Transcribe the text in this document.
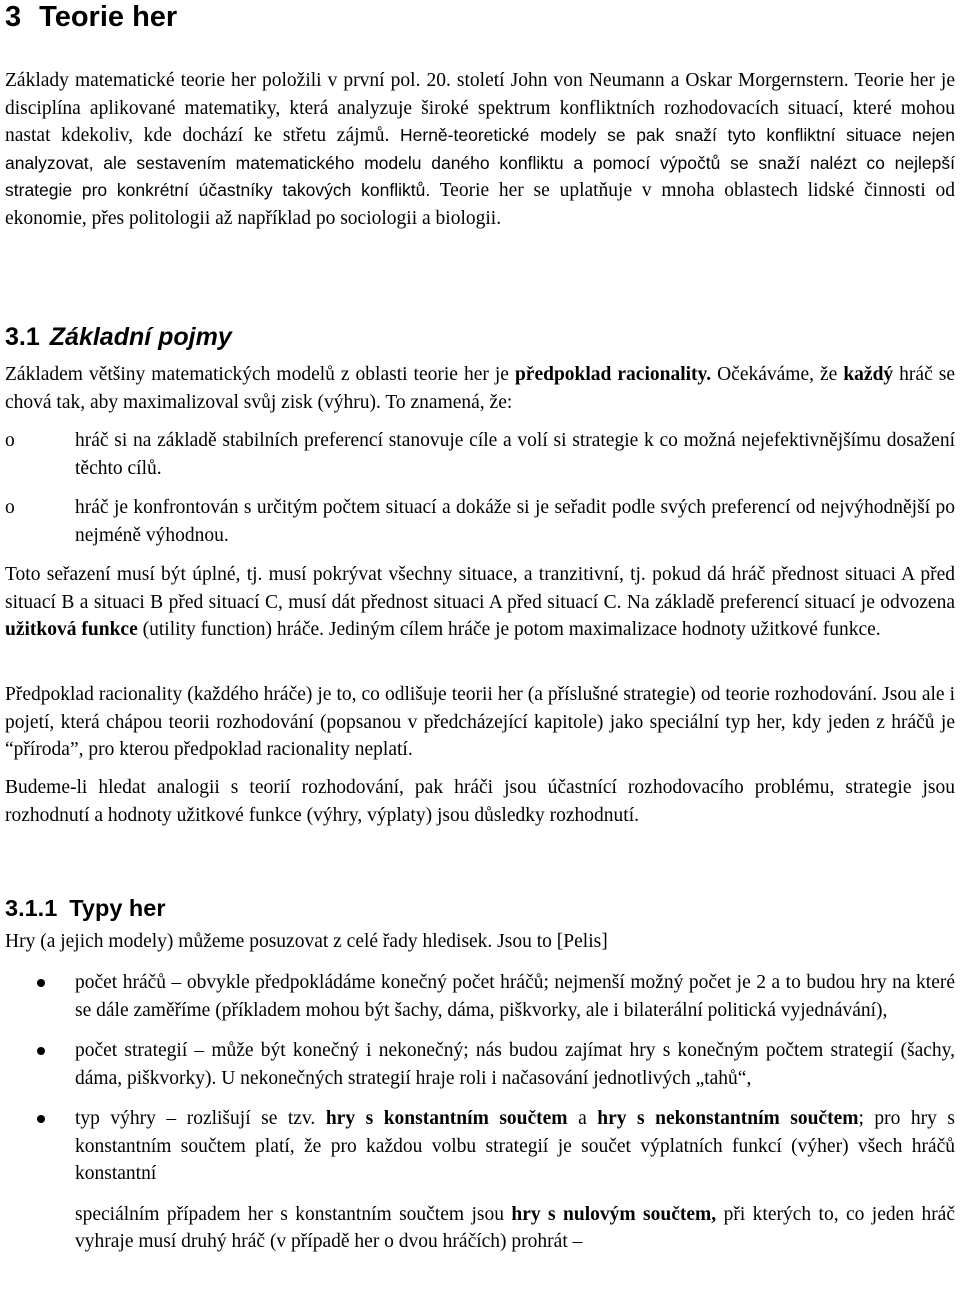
3 Teorie her

Základy matematické teorie her položili v první pol. 20. století John von Neumann a Oskar Morgernstern. Teorie her je disciplína aplikované matematiky, která analyzuje široké spektrum konfliktních rozhodovacích situací, které mohou nastat kdekoliv, kde dochází ke střetu zájmů. Herně-teoretické modely se pak snaží tyto konfliktní situace nejen analyzovat, ale sestavením matematického modelu daného konfliktu a pomocí výpočtů se snaží nalézt co nejlepší strategie pro konkrétní účastníky takových konfliktů. Teorie her se uplatňuje v mnoha oblastech lidské činnosti od ekonomie, přes politologii až například po sociologii a biologii.

3.1 Základní pojmy

Základem většiny matematických modelů z oblasti teorie her je předpoklad racionality. Očekáváme, že každý hráč se chová tak, aby maximalizoval svůj zisk (výhru). To znamená, že:

o	hráč si na základě stabilních preferencí stanovuje cíle a volí si strategie k co možná nejefektivnějšímu dosažení těchto cílů.
o	hráč je konfrontován s určitým počtem situací a dokáže si je seřadit podle svých preferencí od nejvýhodnější po nejméně výhodnou.

Toto seřazení musí být úplné, tj. musí pokrývat všechny situace, a tranzitivní, tj. pokud dá hráč přednost situaci A před situací B a situaci B před situací C, musí dát přednost situaci A před situací C. Na základě preferencí situací je odvozena užitková funkce (utility function) hráče. Jediným cílem hráče je potom maximalizace hodnoty užitkové funkce.

Předpoklad racionality (každého hráče) je to, co odlišuje teorii her (a příslušné strategie) od teorie rozhodování. Jsou ale i pojetí, která chápou teorii rozhodování (popsanou v předcházející kapitole) jako speciální typ her, kdy jeden z hráčů je “příroda”, pro kterou předpoklad racionality neplatí.

Budeme-li hledat analogii s teorií rozhodování, pak hráči jsou účastnící rozhodovacího problému, strategie jsou rozhodnutí a hodnoty užitkové funkce (výhry, výplaty) jsou důsledky rozhodnutí.

3.1.1 Typy her

Hry (a jejich modely) můžeme posuzovat z celé řady hledisek. Jsou to [Pelis]

počet hráčů – obvykle předpokládáme konečný počet hráčů; nejmenší možný počet je 2 a to budou hry na které se dále zaměříme (příkladem mohou být šachy, dáma, piškvorky, ale i bilaterální politická vyjednávání),
počet strategií – může být konečný i nekonečný; nás budou zajímat hry s konečným počtem strategií (šachy, dáma, piškvorky). U nekonečných strategií hraje roli i načasování jednotlivých „tahů“,
typ výhry – rozlišují se tzv. hry s konstantním součtem a hry s nekonstantním součtem; pro hry s konstantním součtem platí, že pro každou volbu strategií je součet výplatních funkcí (výher) všech hráčů konstantní
speciálním případem her s konstantním součtem jsou hry s nulovým součtem, při kterých to, co jeden hráč vyhraje musí druhý hráč (v případě her o dvou hráčích) prohrát –
